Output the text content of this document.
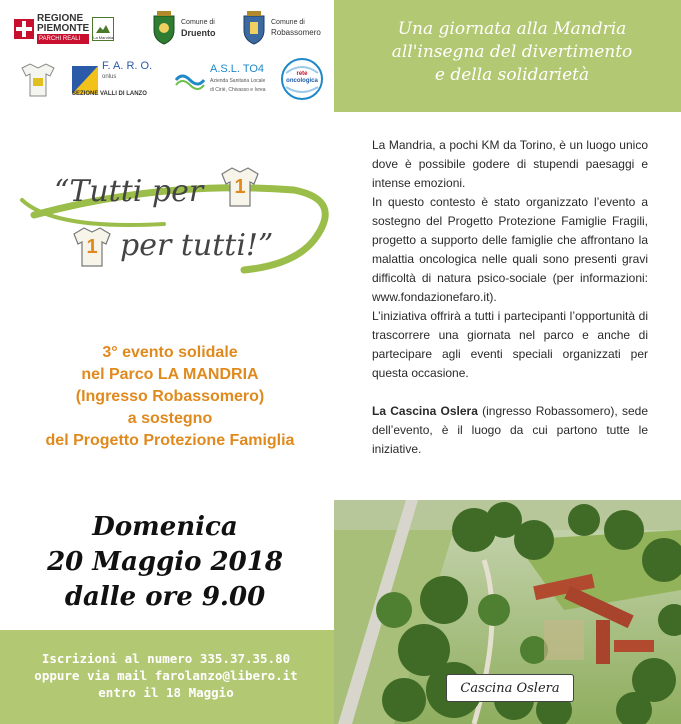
REGIONE
PIEMONTE
PARCHI REALI	La Mandria
Comune di
Druento
Comune di
Robassomero
F. A. R. O.
onlus
SEZIONE VALLI DI LANZO
A.S.L. TO4
Azienda Sanitaria Locale
di Ciriè, Chivasso e Ivrea
rete
oncologica
Una giornata alla Mandria
all'insegna del divertimento
e della solidarietà
“Tutti per	1
1 per tutti!”
3° evento solidale
nel Parco LA MANDRIA
(Ingresso Robassomero)
a sostegno
del Progetto Protezione Famiglia
Domenica
20 Maggio 2018
dalle ore 9.00
Iscrizioni al numero 335.37.35.80
oppure via mail farolanzo@libero.it
entro il 18 Maggio

La Mandria, a pochi KM da Torino, è un luogo unico dove è possibile godere di stupendi paesaggi e intense emozioni.

In questo contesto è stato organizzato l’evento a sostegno del Progetto Protezione Famiglie Fragili, progetto a supporto delle famiglie che affrontano la malattia oncologica nelle quali sono presenti gravi difficoltà di natura psico-sociale (per informazioni: www.fondazionefaro.it).

L’iniziativa offrirà a tutti i partecipanti l’opportunità di trascorrere una giornata nel parco e anche di partecipare agli eventi speciali organizzati per questa occasione.

La Cascina Oslera (ingresso Robassomero), sede dell’evento, è il luogo da cui partono tutte le iniziative.

Cascina Oslera
